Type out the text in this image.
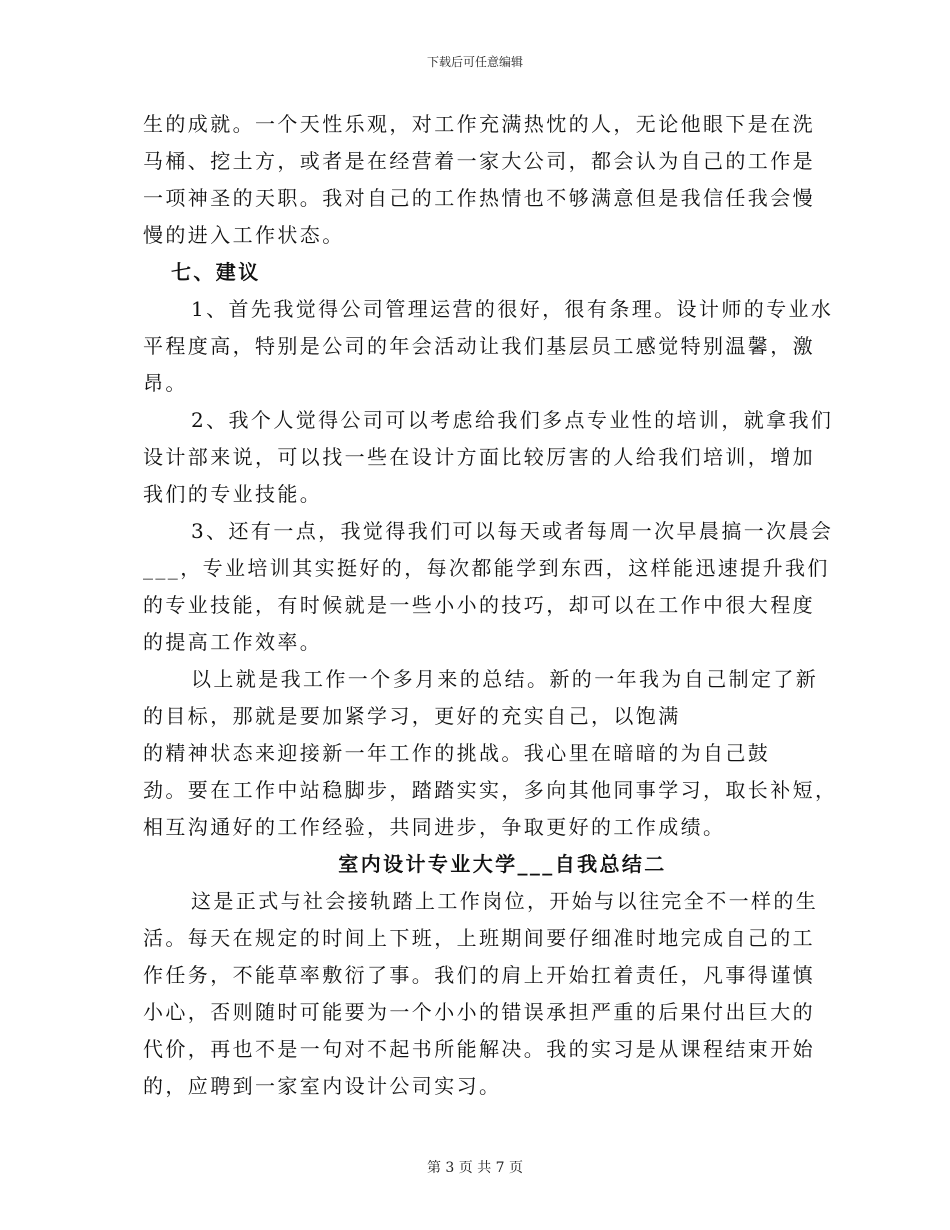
下载后可任意编辑
生的成就。一个天性乐观，对工作充满热忱的人，无论他眼下是在洗
马桶、挖土方，或者是在经营着一家大公司，都会认为自己的工作是
一项神圣的天职。我对自己的工作热情也不够满意但是我信任我会慢
慢的进入工作状态。
七、建议
1、首先我觉得公司管理运营的很好，很有条理。设计师的专业水
平程度高，特别是公司的年会活动让我们基层员工感觉特别温馨，激
昂。
2、我个人觉得公司可以考虑给我们多点专业性的培训，就拿我们
设计部来说，可以找一些在设计方面比较厉害的人给我们培训，增加
我们的专业技能。
3、还有一点，我觉得我们可以每天或者每周一次早晨搞一次晨会
___，专业培训其实挺好的，每次都能学到东西，这样能迅速提升我们
的专业技能，有时候就是一些小小的技巧，却可以在工作中很大程度
的提高工作效率。
以上就是我工作一个多月来的总结。新的一年我为自己制定了新
的目标，那就是要加紧学习，更好的充实自己，以饱满
的精神状态来迎接新一年工作的挑战。我心里在暗暗的为自己鼓
劲。要在工作中站稳脚步，踏踏实实，多向其他同事学习，取长补短，
相互沟通好的工作经验，共同进步，争取更好的工作成绩。
室内设计专业大学___自我总结二
这是正式与社会接轨踏上工作岗位，开始与以往完全不一样的生
活。每天在规定的时间上下班，上班期间要仔细准时地完成自己的工
作任务，不能草率敷衍了事。我们的肩上开始扛着责任，凡事得谨慎
小心，否则随时可能要为一个小小的错误承担严重的后果付出巨大的
代价，再也不是一句对不起书所能解决。我的实习是从课程结束开始
的，应聘到一家室内设计公司实习。
第 3 页 共 7 页
